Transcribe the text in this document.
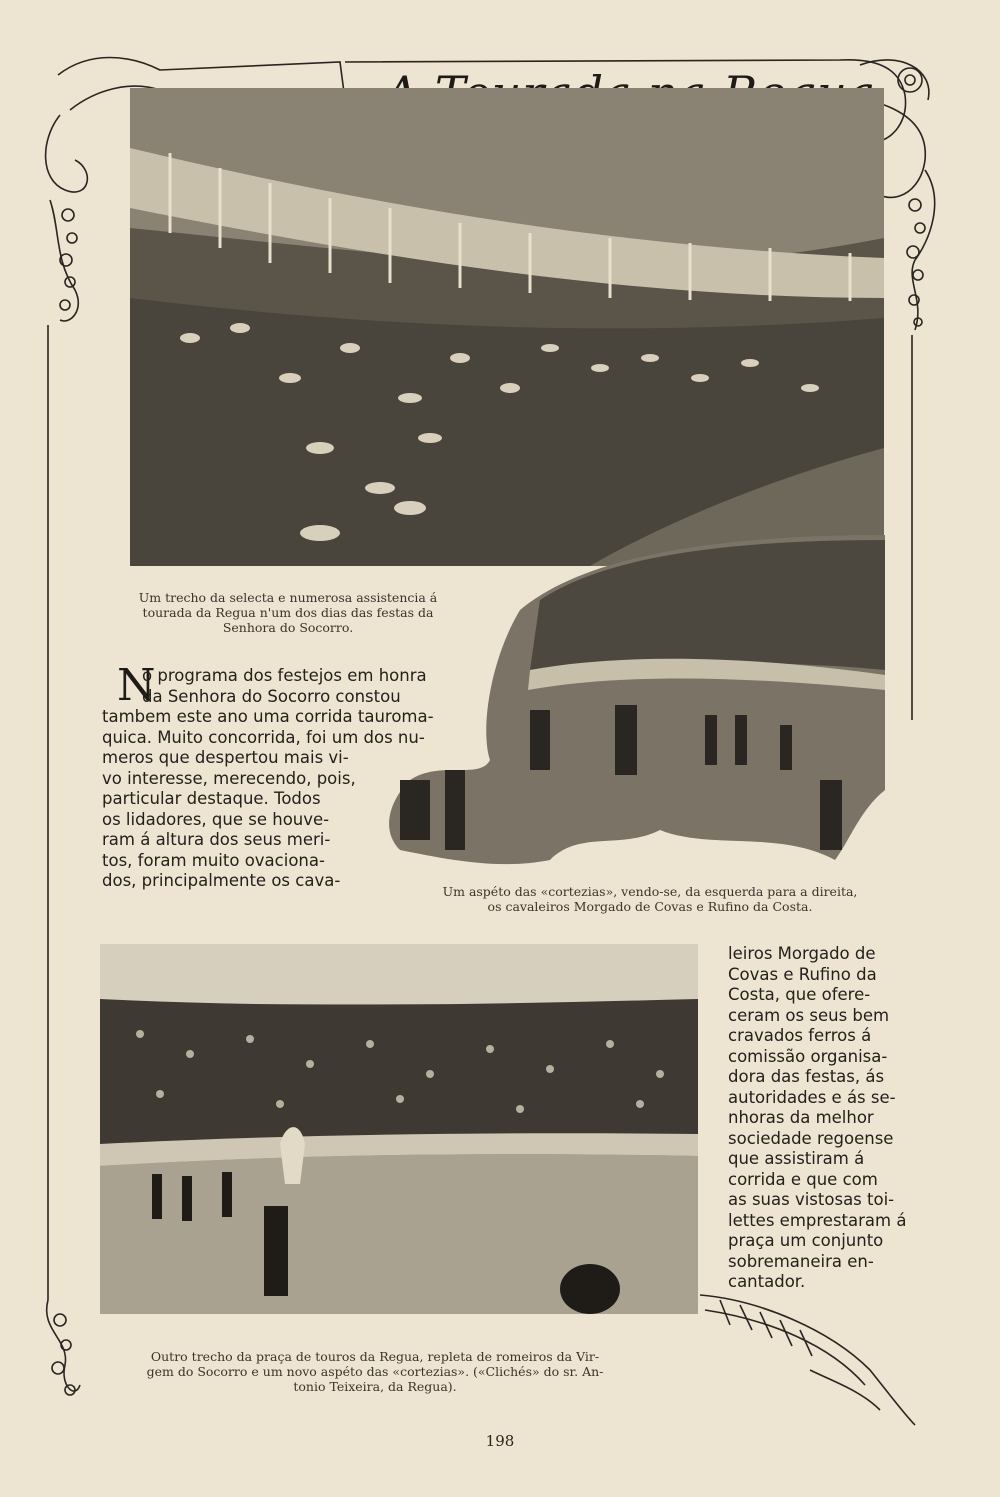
Um trecho da selecta e numerosa assistencia á
tourada da Regua n'um dos dias das festas da
Senhora do Socorro.
Um aspéto das «cortezias», vendo-se, da esquerda para a direita,
os cavaleiros Morgado de Covas e Rufino da Costa.
N
o programa dos festejos em honra
da Senhora do Socorro constou
tambem este ano uma corrida tauroma-
quica. Muito concorrida, foi um dos nu-
meros que despertou mais vi-
vo interesse, merecendo, pois,
particular destaque. Todos
os lidadores, que se houve-
ram á altura dos seus meri-
tos, foram muito ovaciona-
dos, principalmente os cava-
Outro trecho da praça de touros da Regua, repleta de romeiros da Vir-
gem do Socorro e um novo aspéto das «cortezias». («Clichés» do sr. An-
tonio Teixeira, da Regua).
leiros Morgado de
Covas e Rufino da
Costa, que ofere-
ceram os seus bem
cravados ferros á
comissão organisa-
dora das festas, ás
autoridades e ás se-
nhoras da melhor
sociedade regoense
que assistiram á
corrida e que com
as suas vistosas toi-
lettes emprestaram á
praça um conjunto
sobremaneira en-
cantador.
198
